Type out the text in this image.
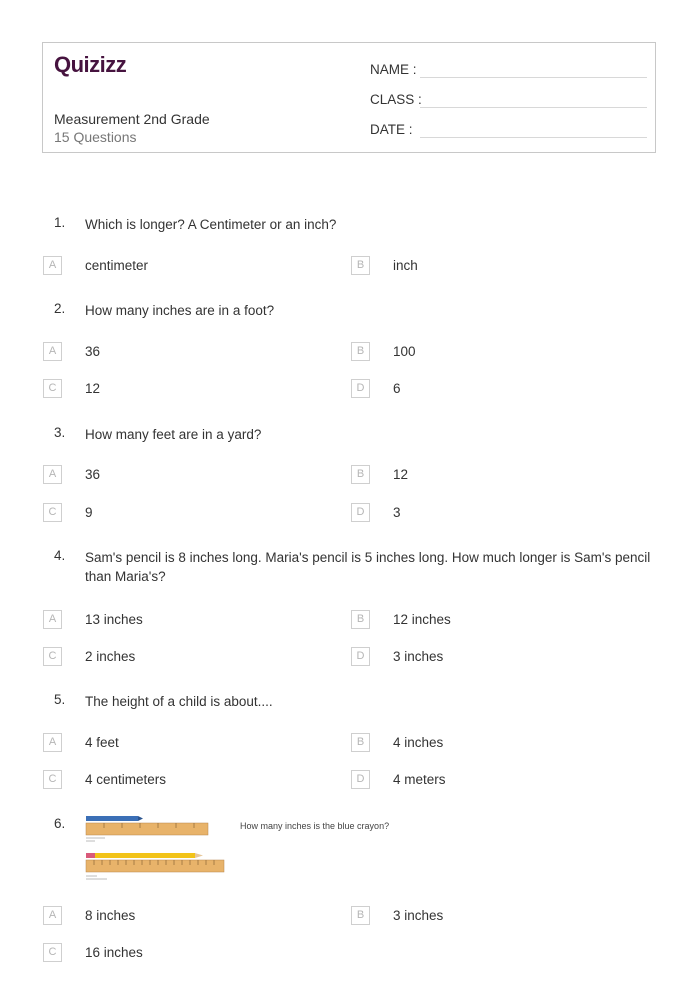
Quizizz
Measurement 2nd Grade
15 Questions
NAME :
CLASS :
DATE :
1. Which is longer? A Centimeter or an inch?
A	centimeter	B	inch
2. How many inches are in a foot?
A	36	B	100
C	12	D	6
3. How many feet are in a yard?
A	36	B	12
C	9	D	3
4. Sam's pencil is 8 inches long. Maria's pencil is 5 inches long. How much longer is Sam's pencil than Maria's?
A	13 inches	B	12 inches
C	2 inches	D	3 inches
5. The height of a child is about....
A	4 feet	B	4 inches
C	4 centimeters	D	4 meters
6.	How many inches is the blue crayon?
A	8 inches	B	3 inches
C	16 inches
